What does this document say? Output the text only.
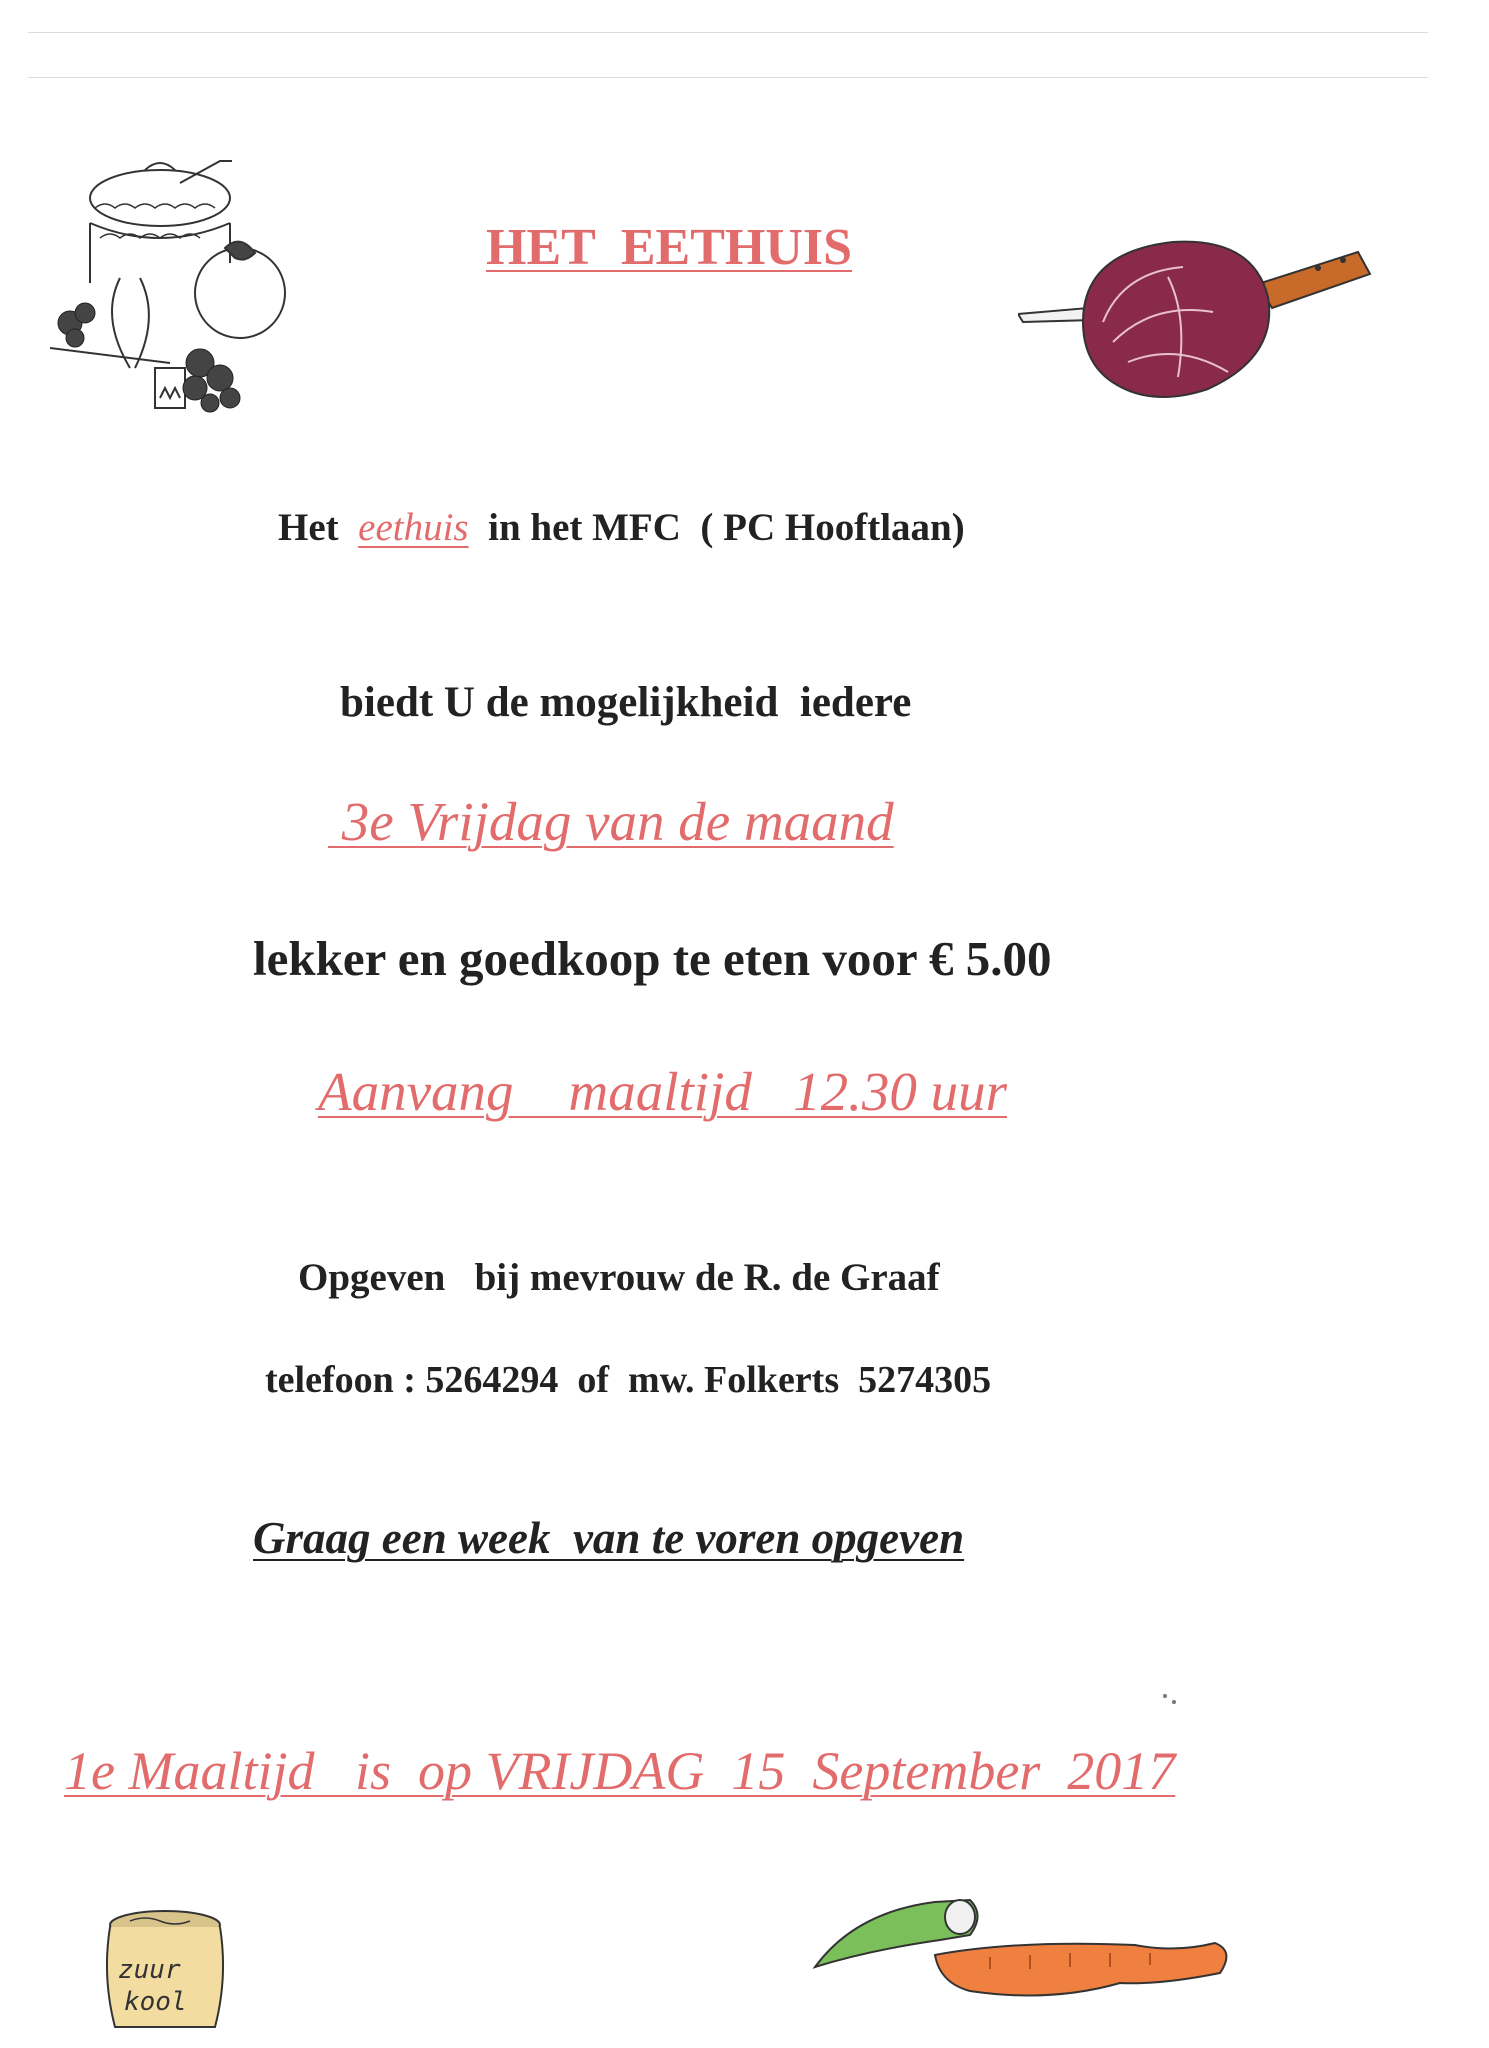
HET  EETHUIS
Het  eethuis  in het MFC  ( PC Hooftlaan)
biedt U de mogelijkheid  iedere
3e Vrijdag van de maand
lekker en goedkoop te eten voor € 5.00
Aanvang    maaltijd   12.30 uur
Opgeven   bij mevrouw de R. de Graaf
telefoon : 5264294  of  mw. Folkerts  5274305
Graag een week  van te voren opgeven
1e Maaltijd   is  op VRIJDAG  15  September  2017
zuur
kool
